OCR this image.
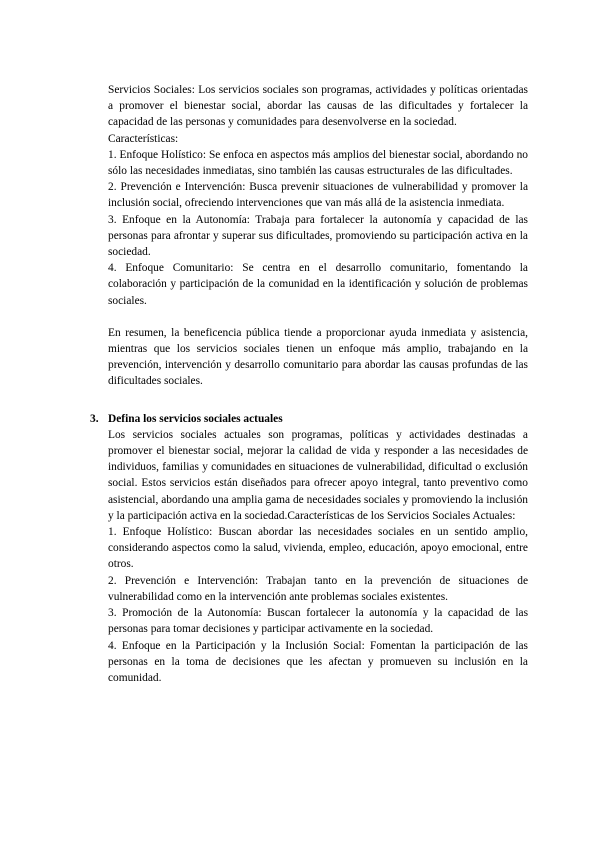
Servicios Sociales: Los servicios sociales son programas, actividades y políticas orientadas a promover el bienestar social, abordar las causas de las dificultades y fortalecer la capacidad de las personas y comunidades para desenvolverse en la sociedad.

Características:

1. Enfoque Holístico: Se enfoca en aspectos más amplios del bienestar social, abordando no sólo las necesidades inmediatas, sino también las causas estructurales de las dificultades.

2. Prevención e Intervención: Busca prevenir situaciones de vulnerabilidad y promover la inclusión social, ofreciendo intervenciones que van más allá de la asistencia inmediata.

3. Enfoque en la Autonomía: Trabaja para fortalecer la autonomía y capacidad de las personas para afrontar y superar sus dificultades, promoviendo su participación activa en la sociedad.

4. Enfoque Comunitario: Se centra en el desarrollo comunitario, fomentando la colaboración y participación de la comunidad en la identificación y solución de problemas sociales.

En resumen, la beneficencia pública tiende a proporcionar ayuda inmediata y asistencia, mientras que los servicios sociales tienen un enfoque más amplio, trabajando en la prevención, intervención y desarrollo comunitario para abordar las causas profundas de las dificultades sociales.

3. Defina los servicios sociales actuales

Los servicios sociales actuales son programas, políticas y actividades destinadas a promover el bienestar social, mejorar la calidad de vida y responder a las necesidades de individuos, familias y comunidades en situaciones de vulnerabilidad, dificultad o exclusión social. Estos servicios están diseñados para ofrecer apoyo integral, tanto preventivo como asistencial, abordando una amplia gama de necesidades sociales y promoviendo la inclusión y la participación activa en la sociedad.Características de los Servicios Sociales Actuales:

1. Enfoque Holístico: Buscan abordar las necesidades sociales en un sentido amplio, considerando aspectos como la salud, vivienda, empleo, educación, apoyo emocional, entre otros.

2. Prevención e Intervención: Trabajan tanto en la prevención de situaciones de vulnerabilidad como en la intervención ante problemas sociales existentes.

3. Promoción de la Autonomía: Buscan fortalecer la autonomía y la capacidad de las personas para tomar decisiones y participar activamente en la sociedad.

4. Enfoque en la Participación y la Inclusión Social: Fomentan la participación de las personas en la toma de decisiones que les afectan y promueven su inclusión en la comunidad.
